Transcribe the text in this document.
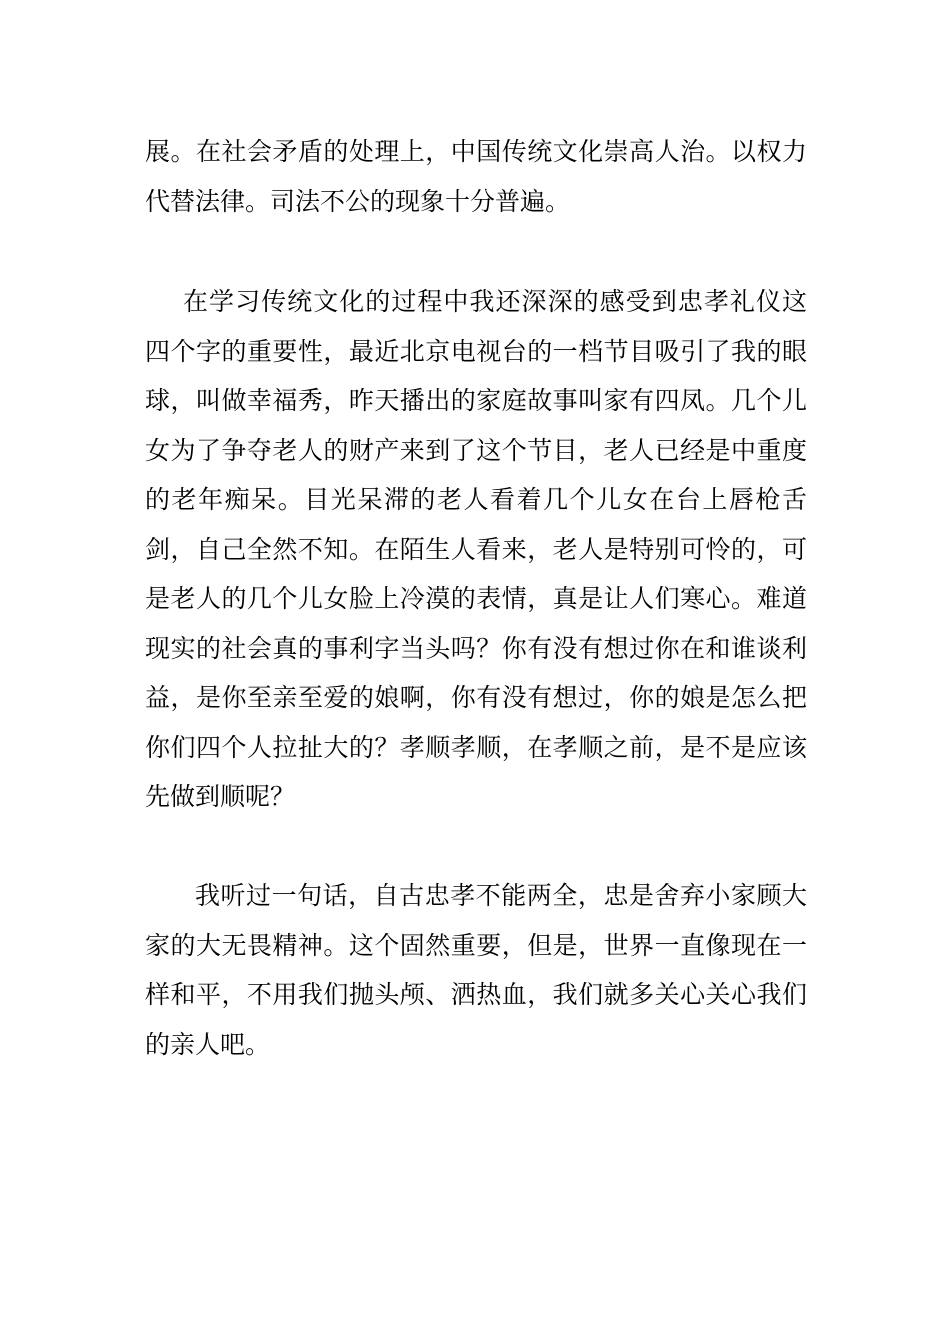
展。在社会矛盾的处理上，中国传统文化崇高人治。以权力代替法律。司法不公的现象十分普遍。

在学习传统文化的过程中我还深深的感受到忠孝礼仪这四个字的重要性，最近北京电视台的一档节目吸引了我的眼球，叫做幸福秀，昨天播出的家庭故事叫家有四凤。几个儿女为了争夺老人的财产来到了这个节目，老人已经是中重度的老年痴呆。目光呆滞的老人看着几个儿女在台上唇枪舌剑，自己全然不知。在陌生人看来，老人是特别可怜的，可是老人的几个儿女脸上冷漠的表情，真是让人们寒心。难道现实的社会真的事利字当头吗？你有没有想过你在和谁谈利益，是你至亲至爱的娘啊，你有没有想过，你的娘是怎么把你们四个人拉扯大的？孝顺孝顺，在孝顺之前，是不是应该先做到顺呢？

我听过一句话，自古忠孝不能两全，忠是舍弃小家顾大家的大无畏精神。这个固然重要，但是，世界一直像现在一样和平，不用我们抛头颅、洒热血，我们就多关心关心我们的亲人吧。
